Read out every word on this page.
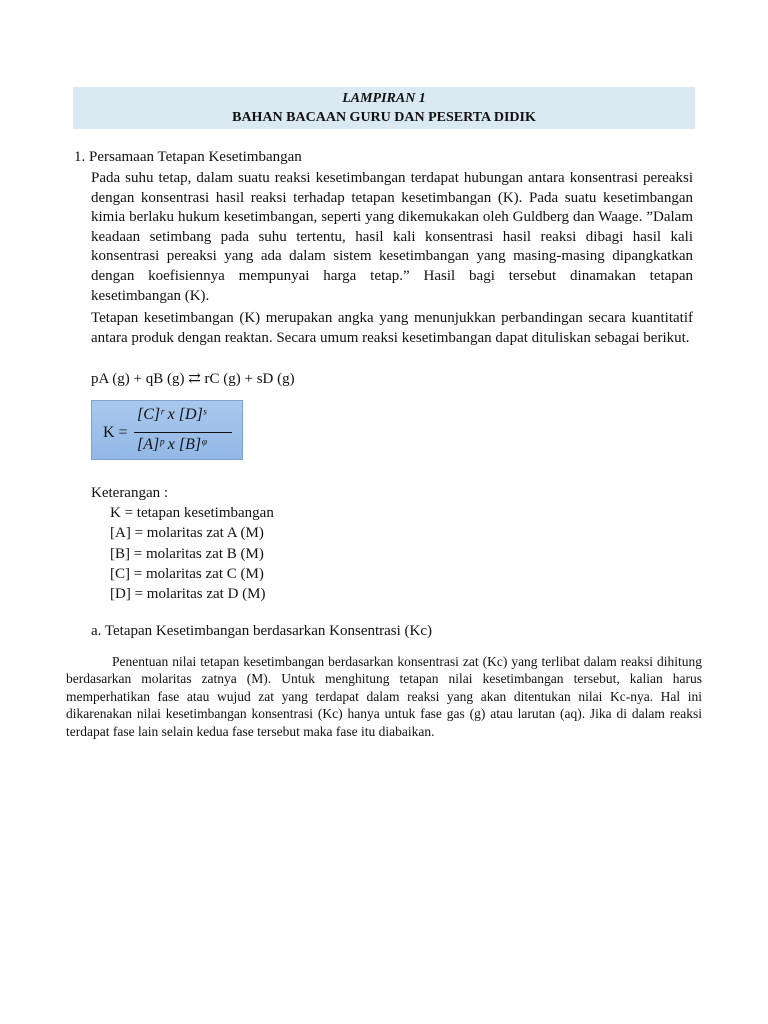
LAMPIRAN 1
BAHAN BACAAN GURU DAN PESERTA DIDIK
1. Persamaan Tetapan Kesetimbangan

Pada suhu tetap, dalam suatu reaksi kesetimbangan terdapat hubungan antara konsentrasi pereaksi dengan konsentrasi hasil reaksi terhadap tetapan kesetimbangan (K). Pada suatu kesetimbangan kimia berlaku hukum kesetimbangan, seperti yang dikemukakan oleh Guldberg dan Waage. ”Dalam keadaan setimbang pada suhu tertentu, hasil kali konsentrasi hasil reaksi dibagi hasil kali konsentrasi pereaksi yang ada dalam sistem kesetimbangan yang masing-masing dipangkatkan dengan koefisiennya mempunyai harga tetap.” Hasil bagi tersebut dinamakan tetapan kesetimbangan (K).

Tetapan kesetimbangan (K) merupakan angka yang menunjukkan perbandingan secara kuantitatif antara produk dengan reaktan. Secara umum reaksi kesetimbangan dapat dituliskan sebagai berikut.

pA (g) + qB (g) ⇄ rC (g) + sD (g)
K =
[C]ʳ x [D]ˢ
[A]ᵖ x [B]ᵠ
Keterangan :
K = tetapan kesetimbangan
[A] = molaritas zat A (M)
[B] = molaritas zat B (M)
[C] = molaritas zat C (M)
[D] = molaritas zat D (M)
a. Tetapan Kesetimbangan berdasarkan Konsentrasi (Kc)

Penentuan nilai tetapan kesetimbangan berdasarkan konsentrasi zat (Kc) yang terlibat dalam reaksi dihitung berdasarkan molaritas zatnya (M). Untuk menghitung tetapan nilai kesetimbangan tersebut, kalian harus memperhatikan fase atau wujud zat yang terdapat dalam reaksi yang akan ditentukan nilai Kc-nya. Hal ini dikarenakan nilai kesetimbangan konsentrasi (Kc) hanya untuk fase gas (g) atau larutan (aq). Jika di dalam reaksi terdapat fase lain selain kedua fase tersebut maka fase itu diabaikan.
